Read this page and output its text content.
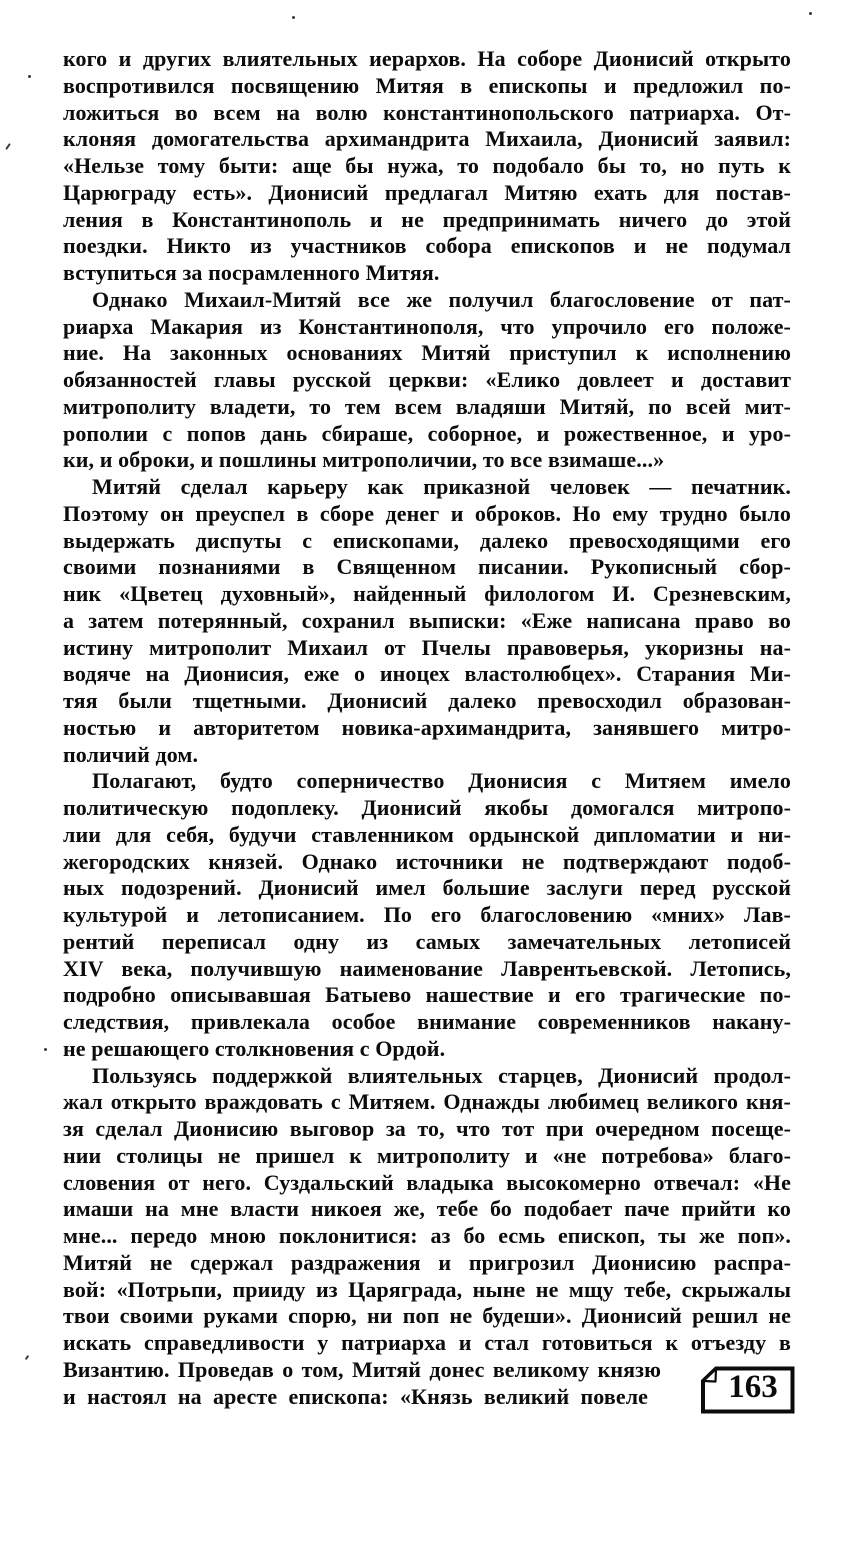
кого и других влиятельных иерархов. На соборе Дионисий открыто
воспротивился посвящению Митяя в епископы и предложил по-
ложиться во всем на волю константинопольского патриарха. От-
клоняя домогательства архимандрита Михаила, Дионисий заявил:
«Нельзе тому быти: аще бы нужа, то подобало бы то, но путь к
Царюграду есть». Дионисий предлагал Митяю ехать для постав-
ления в Константинополь и не предпринимать ничего до этой
поездки. Никто из участников собора епископов и не подумал
вступиться за посрамленного Митяя.
Однако Михаил-Митяй все же получил благословение от пат-
риарха Макария из Константинополя, что упрочило его положе-
ние. На законных основаниях Митяй приступил к исполнению
обязанностей главы русской церкви: «Елико довлеет и доставит
митрополиту владети, то тем всем владяши Митяй, по всей мит-
рополии с попов дань сбираше, соборное, и рожественное, и уро-
ки, и оброки, и пошлины митрополичии, то все взимаше...»
Митяй сделал карьеру как приказной человек — печатник.
Поэтому он преуспел в сборе денег и оброков. Но ему трудно было
выдержать диспуты с епископами, далеко превосходящими его
своими познаниями в Священном писании. Рукописный сбор-
ник «Цветец духовный», найденный филологом И. Срезневским,
а затем потерянный, сохранил выписки: «Еже написана право во
истину митрополит Михаил от Пчелы правоверья, укоризны на-
водяче на Дионисия, еже о иноцех властолюбцех». Старания Ми-
тяя были тщетными. Дионисий далеко превосходил образован-
ностью и авторитетом новика-архимандрита, занявшего митро-
поличий дом.
Полагают, будто соперничество Дионисия с Митяем имело
политическую подоплеку. Дионисий якобы домогался митропо-
лии для себя, будучи ставленником ордынской дипломатии и ни-
жегородских князей. Однако источники не подтверждают подоб-
ных подозрений. Дионисий имел большие заслуги перед русской
культурой и летописанием. По его благословению «мних» Лав-
рентий переписал одну из самых замечательных летописей
XIV века, получившую наименование Лаврентьевской. Летопись,
подробно описывавшая Батыево нашествие и его трагические по-
следствия, привлекала особое внимание современников накану-
не решающего столкновения с Ордой.
Пользуясь поддержкой влиятельных старцев, Дионисий продол-
жал открыто враждовать с Митяем. Однажды любимец великого кня-
зя сделал Дионисию выговор за то, что тот при очередном посеще-
нии столицы не пришел к митрополиту и «не потребова» благо-
словения от него. Суздальский владыка высокомерно отвечал: «Не
имаши на мне власти никоея же, тебе бо подобает паче прийти ко
мне... передо мною поклонитися: аз бо есмь епископ, ты же поп».
Митяй не сдержал раздражения и пригрозил Дионисию распра-
вой: «Потрьпи, прииду из Царяграда, ныне не мщу тебе, скрыжалы
твои своими руками спорю, ни поп не будеши». Дионисий решил не
искать справедливости у патриарха и стал готовиться к отъезду в
Византию. Проведав о том, Митяй донес великому князю
и настоял на аресте епископа: «Князь великий повеле	163
